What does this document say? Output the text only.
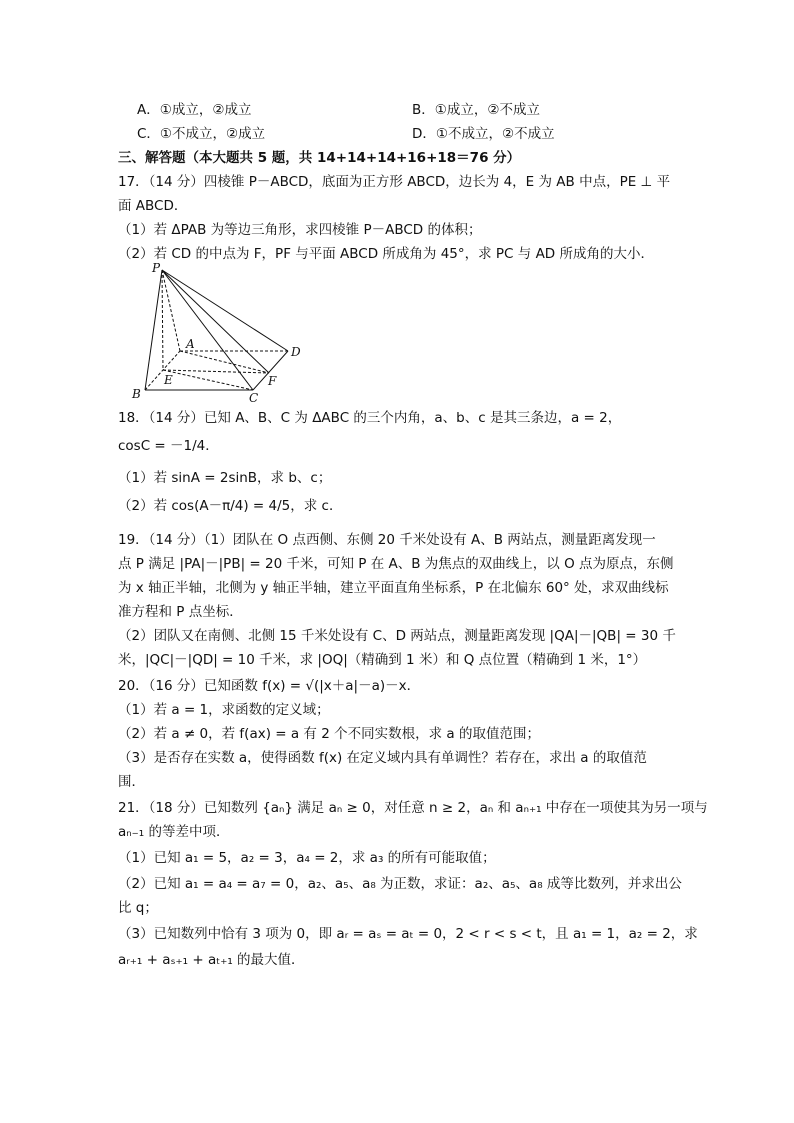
A．①成立，②成立	B．①成立，②不成立
C．①不成立，②成立	D．①不成立，②不成立
三、解答题（本大题共 5 题，共 14+14+14+16+18＝76 分）
17．（14 分）四棱锥 P－ABCD，底面为正方形 ABCD，边长为 4，E 为 AB 中点，PE ⊥ 平
面 ABCD．
（1）若 ΔPAB 为等边三角形，求四棱锥 P－ABCD 的体积；
（2）若 CD 的中点为 F，PF 与平面 ABCD 所成角为 45°，求 PC 与 AD 所成角的大小．
P
A
B	C
D
E	F
18．（14 分）已知 A、B、C 为 ΔABC 的三个内角，a、b、c 是其三条边，a = 2，
cosC = －1/4．
（1）若 sinA = 2sinB，求 b、c；
（2）若 cos(A－π/4) = 4/5，求 c．
19．（14 分）（1）团队在 O 点西侧、东侧 20 千米处设有 A、B 两站点，测量距离发现一
点 P 满足 |PA|－|PB| = 20 千米，可知 P 在 A、B 为焦点的双曲线上，以 O 点为原点，东侧
为 x 轴正半轴，北侧为 y 轴正半轴，建立平面直角坐标系，P 在北偏东 60° 处，求双曲线标
准方程和 P 点坐标．
（2）团队又在南侧、北侧 15 千米处设有 C、D 两站点，测量距离发现 |QA|－|QB| = 30 千
米，|QC|－|QD| = 10 千米，求 |OQ|（精确到 1 米）和 Q 点位置（精确到 1 米，1°）
20．（16 分）已知函数 f(x) = √(|x＋a|－a)－x．
（1）若 a = 1，求函数的定义域；
（2）若 a ≠ 0，若 f(ax) = a 有 2 个不同实数根，求 a 的取值范围；
（3）是否存在实数 a，使得函数 f(x) 在定义域内具有单调性？若存在，求出 a 的取值范
围．
21．（18 分）已知数列 {aₙ} 满足 aₙ ≥ 0，对任意 n ≥ 2，aₙ 和 aₙ₊₁ 中存在一项使其为另一项与
aₙ₋₁ 的等差中项．
（1）已知 a₁ = 5，a₂ = 3，a₄ = 2，求 a₃ 的所有可能取值；
（2）已知 a₁ = a₄ = a₇ = 0，a₂、a₅、a₈ 为正数，求证：a₂、a₅、a₈ 成等比数列，并求出公
比 q；
（3）已知数列中恰有 3 项为 0，即 aᵣ = aₛ = aₜ = 0，2 < r < s < t，且 a₁ = 1，a₂ = 2，求
aᵣ₊₁ + aₛ₊₁ + aₜ₊₁ 的最大值．
